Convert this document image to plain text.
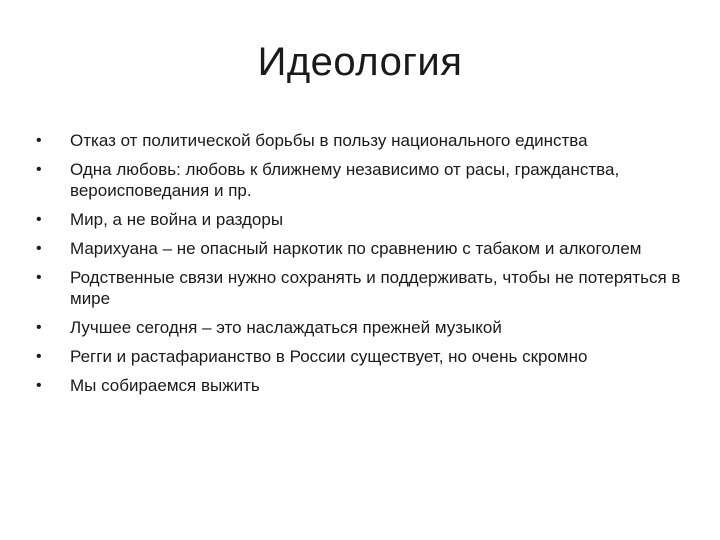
Идеология
•	Отказ от политической борьбы в пользу национального единства
•	Одна любовь: любовь к ближнему независимо от расы, гражданства, вероисповедания и пр.
•	Мир, а не война и раздоры
•	Марихуана – не опасный наркотик по сравнению с табаком и алкоголем
•	Родственные связи нужно сохранять и поддерживать, чтобы не потеряться в мире
•	Лучшее сегодня – это наслаждаться прежней музыкой
•	Регги и растафарианство в России существует, но очень скромно
•	Мы собираемся выжить
